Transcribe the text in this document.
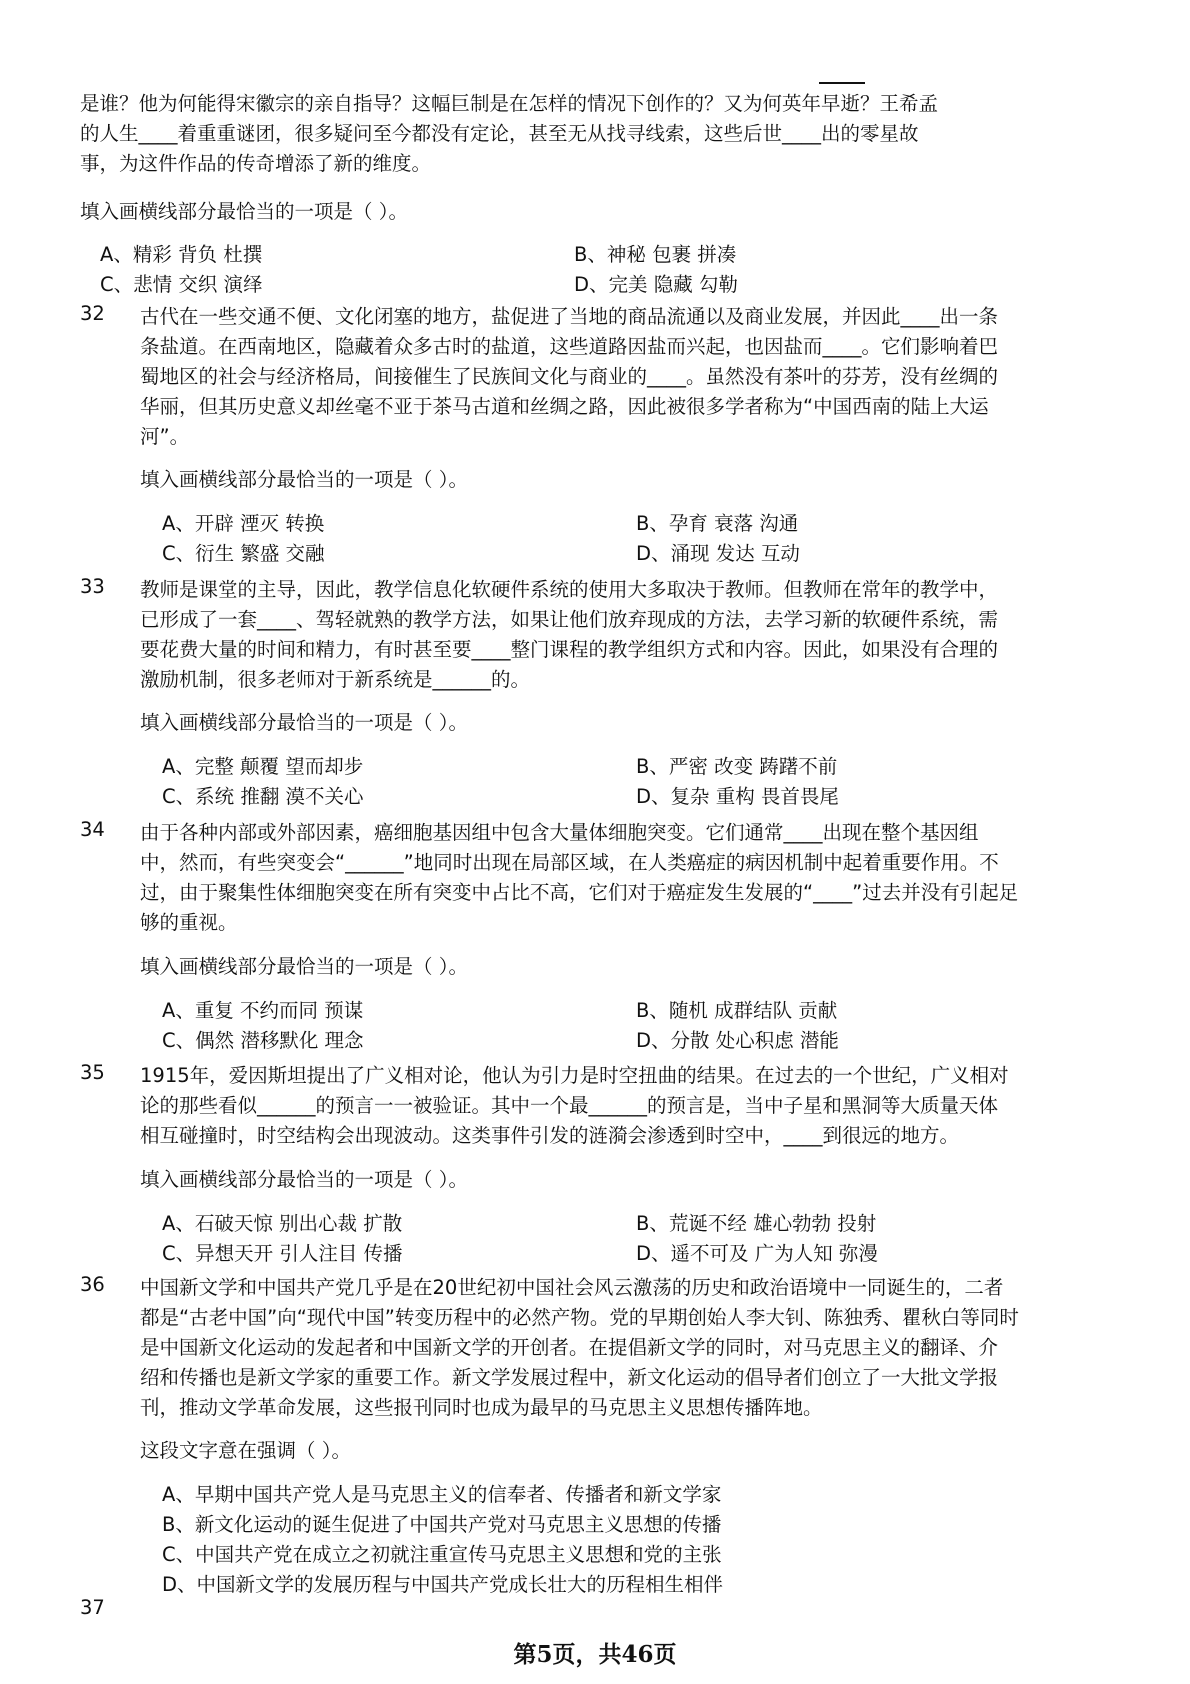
是谁？他为何能得宋徽宗的亲自指导？这幅巨制是在怎样的情况下创作的？又为何英年早逝？王希孟

的人生____着重重谜团，很多疑问至今都没有定论，甚至无从找寻线索，这些后世____出的零星故

事，为这件作品的传奇增添了新的维度。

填入画横线部分最恰当的一项是（ ）。
A、精彩 背负 杜撰	B、神秘 包裹 拼凑
C、悲情 交织 演绎	D、完美 隐藏 勾勒
32	古代在一些交通不便、文化闭塞的地方，盐促进了当地的商品流通以及商业发展，并因此____出一条
条盐道。在西南地区，隐藏着众多古时的盐道，这些道路因盐而兴起，也因盐而____。它们影响着巴
蜀地区的社会与经济格局，间接催生了民族间文化与商业的____。虽然没有茶叶的芬芳，没有丝绸的
华丽，但其历史意义却丝毫不亚于茶马古道和丝绸之路，因此被很多学者称为“中国西南的陆上大运
河”。
填入画横线部分最恰当的一项是（ ）。
A、开辟 湮灭 转换	B、孕育 衰落 沟通
C、衍生 繁盛 交融	D、涌现 发达 互动
33	教师是课堂的主导，因此，教学信息化软硬件系统的使用大多取决于教师。但教师在常年的教学中，
已形成了一套____、驾轻就熟的教学方法，如果让他们放弃现成的方法，去学习新的软硬件系统，需
要花费大量的时间和精力，有时甚至要____整门课程的教学组织方式和内容。因此，如果没有合理的
激励机制，很多老师对于新系统是______的。
填入画横线部分最恰当的一项是（ ）。
A、完整 颠覆 望而却步	B、严密 改变 踌躇不前
C、系统 推翻 漠不关心	D、复杂 重构 畏首畏尾
34	由于各种内部或外部因素，癌细胞基因组中包含大量体细胞突变。它们通常____出现在整个基因组
中，然而，有些突变会“______”地同时出现在局部区域，在人类癌症的病因机制中起着重要作用。不
过，由于聚集性体细胞突变在所有突变中占比不高，它们对于癌症发生发展的“____”过去并没有引起足
够的重视。
填入画横线部分最恰当的一项是（ ）。
A、重复 不约而同 预谋	B、随机 成群结队 贡献
C、偶然 潜移默化 理念	D、分散 处心积虑 潜能
35	1915年，爱因斯坦提出了广义相对论，他认为引力是时空扭曲的结果。在过去的一个世纪，广义相对
论的那些看似______的预言一一被验证。其中一个最______的预言是，当中子星和黑洞等大质量天体
相互碰撞时，时空结构会出现波动。这类事件引发的涟漪会渗透到时空中，____到很远的地方。
填入画横线部分最恰当的一项是（ ）。
A、石破天惊 别出心裁 扩散	B、荒诞不经 雄心勃勃 投射
C、异想天开 引人注目 传播	D、遥不可及 广为人知 弥漫
36	中国新文学和中国共产党几乎是在20世纪初中国社会风云激荡的历史和政治语境中一同诞生的，二者
都是“古老中国”向“现代中国”转变历程中的必然产物。党的早期创始人李大钊、陈独秀、瞿秋白等同时
是中国新文化运动的发起者和中国新文学的开创者。在提倡新文学的同时，对马克思主义的翻译、介
绍和传播也是新文学家的重要工作。新文学发展过程中，新文化运动的倡导者们创立了一大批文学报
刊，推动文学革命发展，这些报刊同时也成为最早的马克思主义思想传播阵地。
这段文字意在强调（ ）。
A、早期中国共产党人是马克思主义的信奉者、传播者和新文学家
B、新文化运动的诞生促进了中国共产党对马克思主义思想的传播
C、中国共产党在成立之初就注重宣传马克思主义思想和党的主张
D、中国新文学的发展历程与中国共产党成长壮大的历程相生相伴
37
第5页，共46页
